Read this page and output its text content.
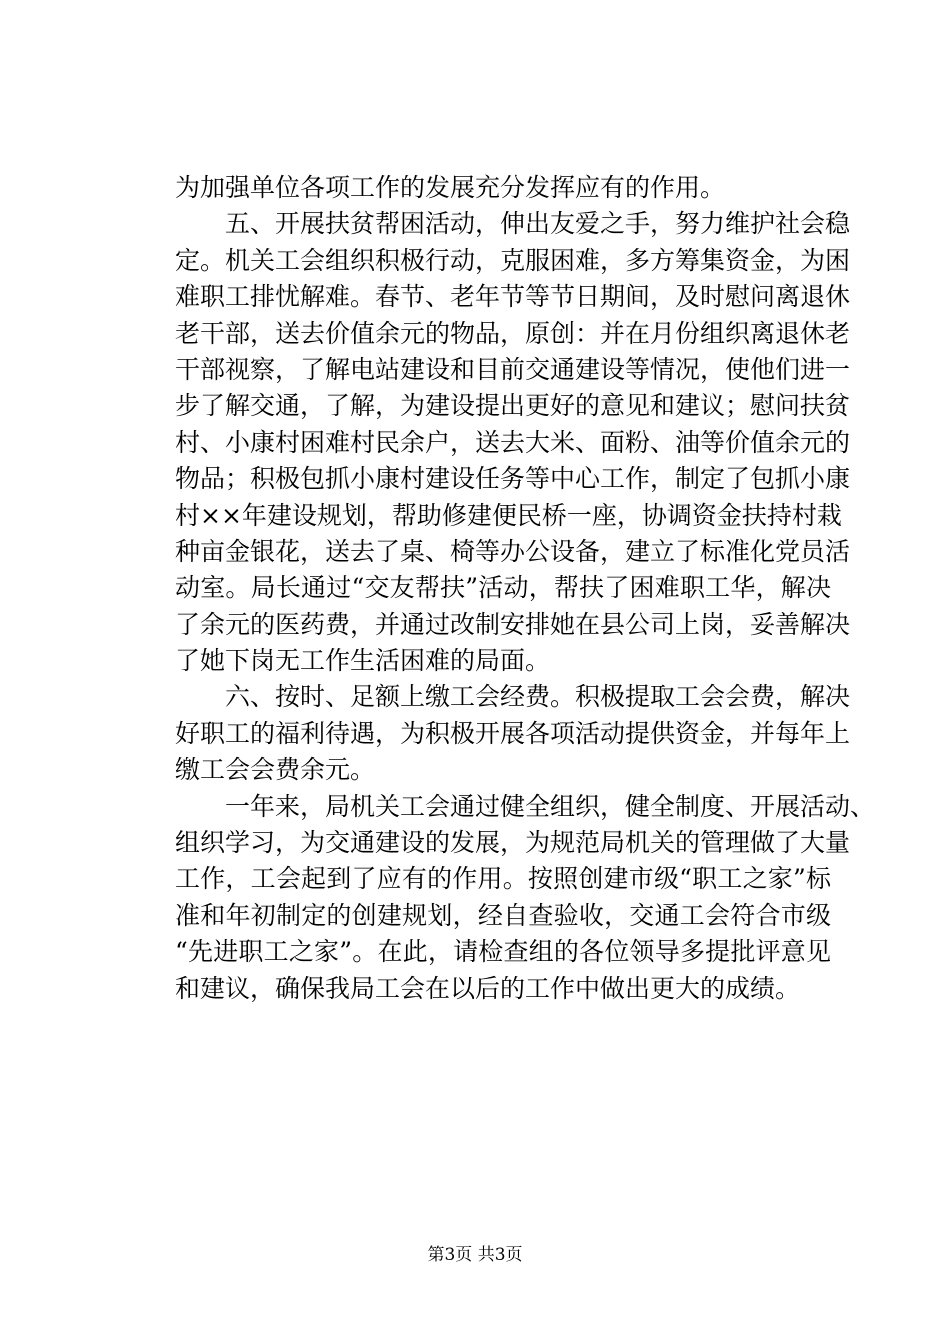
为加强单位各项工作的发展充分发挥应有的作用。
五、开展扶贫帮困活动，伸出友爱之手，努力维护社会稳
定。机关工会组织积极行动，克服困难，多方筹集资金，为困
难职工排忧解难。春节、老年节等节日期间，及时慰问离退休
老干部，送去价值余元的物品，原创：并在月份组织离退休老
干部视察，了解电站建设和目前交通建设等情况，使他们进一
步了解交通，了解，为建设提出更好的意见和建议；慰问扶贫
村、小康村困难村民余户，送去大米、面粉、油等价值余元的
物品；积极包抓小康村建设任务等中心工作，制定了包抓小康
村××年建设规划，帮助修建便民桥一座，协调资金扶持村栽
种亩金银花，送去了桌、椅等办公设备，建立了标准化党员活
动室。局长通过“交友帮扶”活动，帮扶了困难职工华，解决
了余元的医药费，并通过改制安排她在县公司上岗，妥善解决
了她下岗无工作生活困难的局面。
六、按时、足额上缴工会经费。积极提取工会会费，解决
好职工的福利待遇，为积极开展各项活动提供资金，并每年上
缴工会会费余元。
一年来，局机关工会通过健全组织，健全制度、开展活动、
组织学习，为交通建设的发展，为规范局机关的管理做了大量
工作，工会起到了应有的作用。按照创建市级“职工之家”标
准和年初制定的创建规划，经自查验收，交通工会符合市级
“先进职工之家”。在此，请检查组的各位领导多提批评意见
和建议，确保我局工会在以后的工作中做出更大的成绩。
第3页 共3页
